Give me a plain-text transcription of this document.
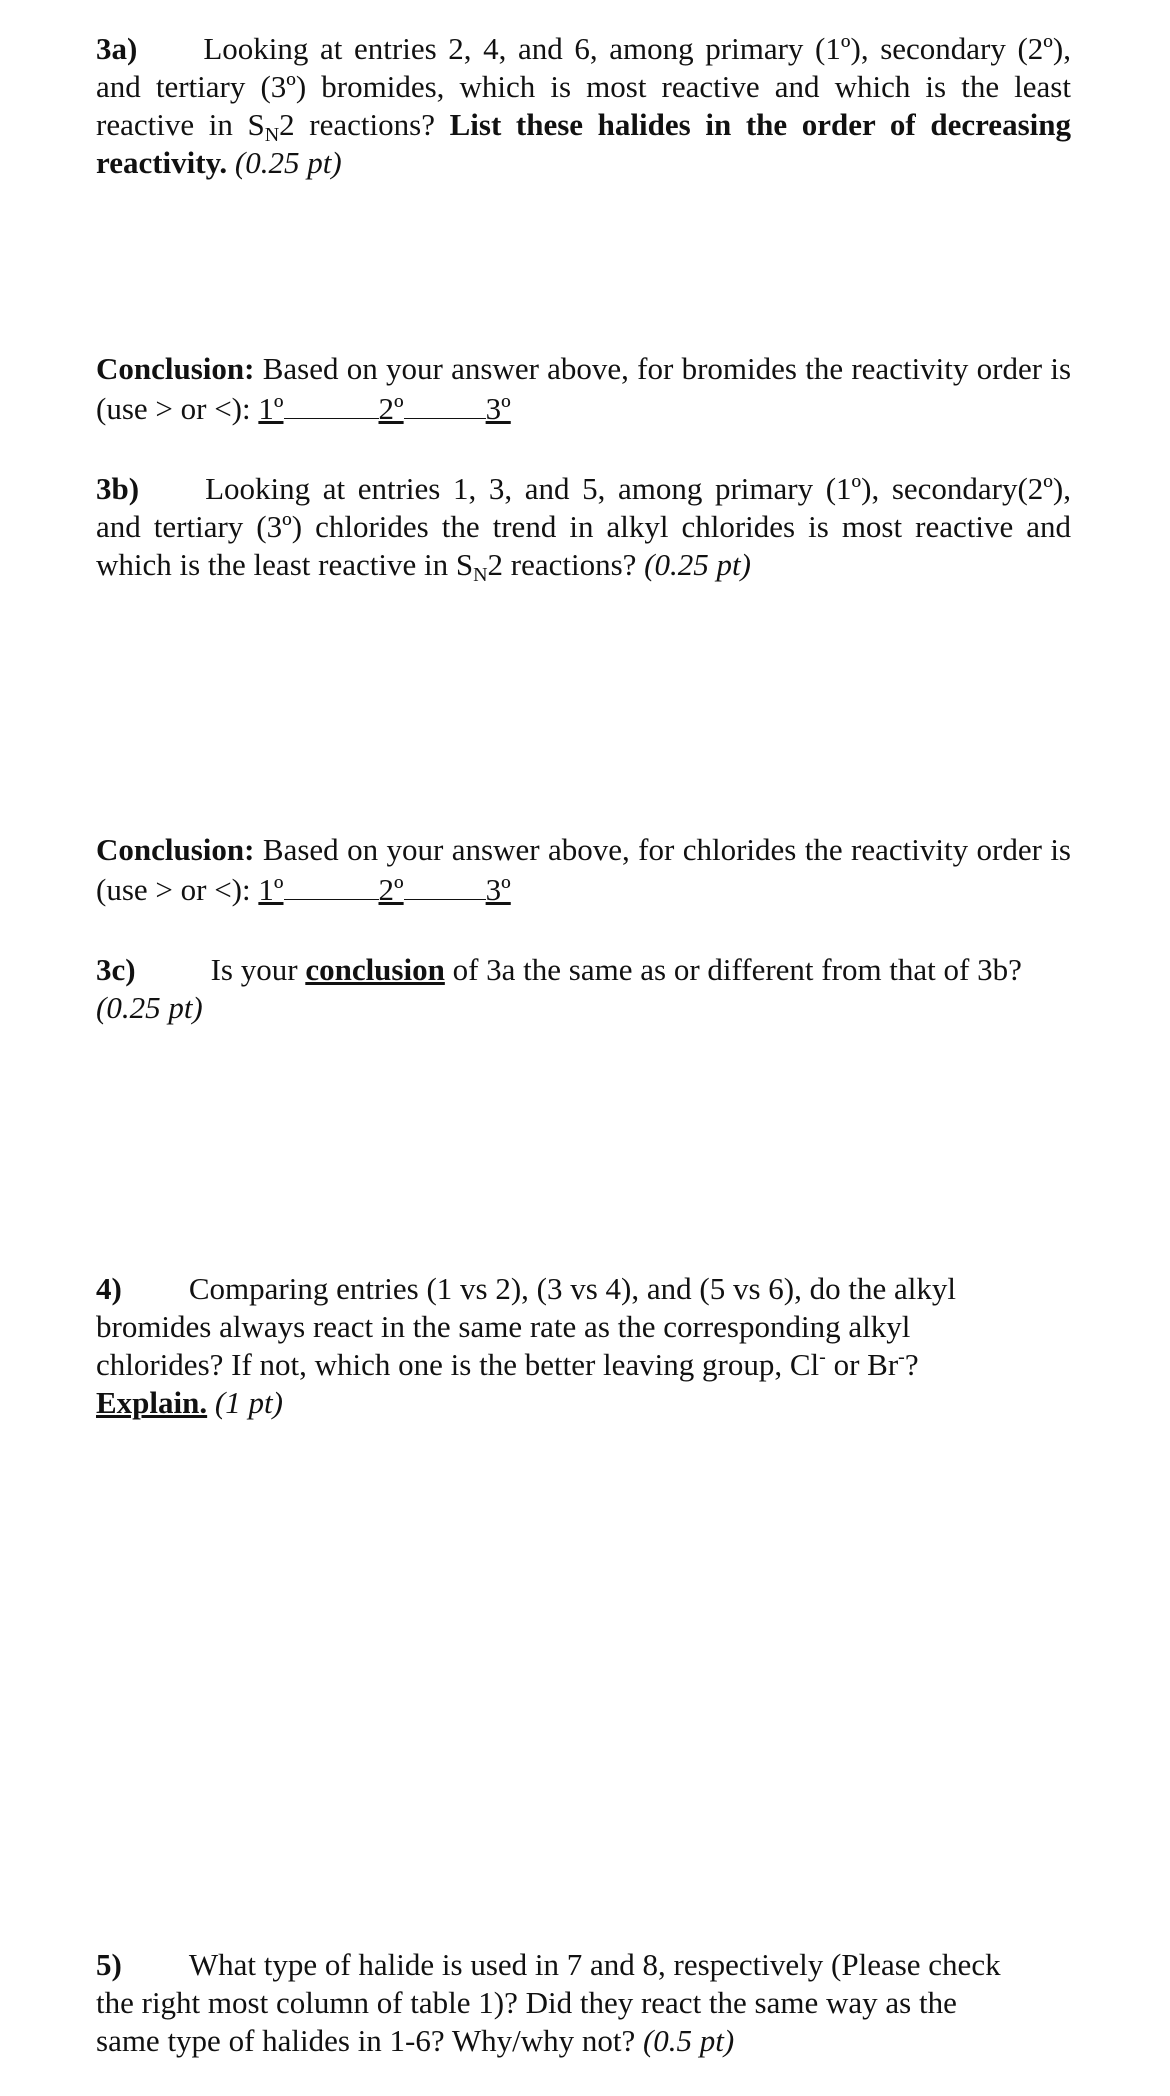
3a) Looking at entries 2, 4, and 6, among primary (1º), secondary (2º), and tertiary (3º) bromides, which is most reactive and which is the least reactive in $S_N2$ reactions? List these halides in the order of decreasing reactivity. (0.25 pt)
Conclusion: Based on your answer above, for bromides the reactivity order is (use > or <): 1º	2º	3º
3b) Looking at entries 1, 3, and 5, among primary (1º), secondary(2º), and tertiary (3º) chlorides the trend in alkyl chlorides is most reactive and which is the least reactive in $S_N2$ reactions? (0.25 pt)
Conclusion: Based on your answer above, for chlorides the reactivity order is (use > or <): 1º	2º	3º
3c) Is your conclusion of 3a the same as or different from that of 3b?
(0.25 pt)
4) Comparing entries (1 vs 2), (3 vs 4), and (5 vs 6), do the alkyl
bromides always react in the same rate as the corresponding alkyl
chlorides? If not, which one is the better leaving group, Cl- or Br-?
Explain. (1 pt)
5) What type of halide is used in 7 and 8, respectively (Please check
the right most column of table 1)? Did they react the same way as the
same type of halides in 1-6? Why/why not? (0.5 pt)
